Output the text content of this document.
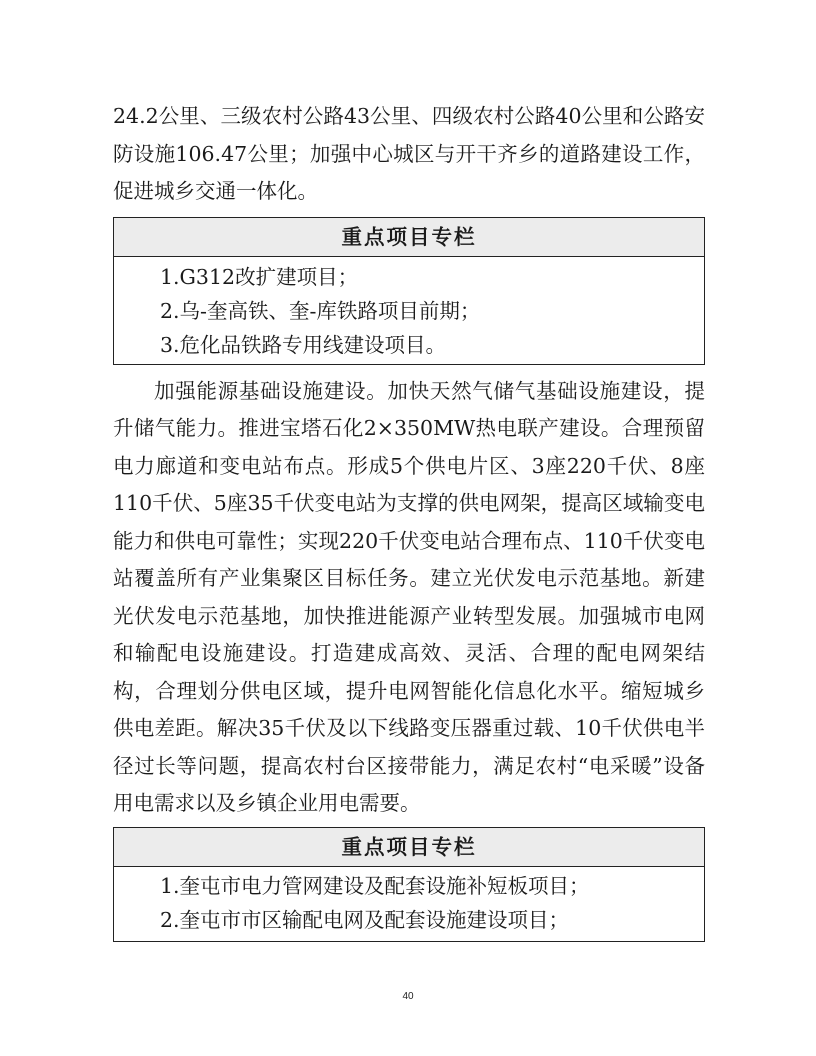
24.2公里、三级农村公路43公里、四级农村公路40公里和公路安防设施106.47公里；加强中心城区与开干齐乡的道路建设工作，促进城乡交通一体化。

重点项目专栏
1.G312改扩建项目；
2.乌-奎高铁、奎-库铁路项目前期；
3.危化品铁路专用线建设项目。

加强能源基础设施建设。加快天然气储气基础设施建设，提升储气能力。推进宝塔石化2×350MW热电联产建设。合理预留电力廊道和变电站布点。形成5个供电片区、3座220千伏、8座110千伏、5座35千伏变电站为支撑的供电网架，提高区域输变电能力和供电可靠性；实现220千伏变电站合理布点、110千伏变电站覆盖所有产业集聚区目标任务。建立光伏发电示范基地。新建光伏发电示范基地，加快推进能源产业转型发展。加强城市电网和输配电设施建设。打造建成高效、灵活、合理的配电网架结构，合理划分供电区域，提升电网智能化信息化水平。缩短城乡供电差距。解决35千伏及以下线路变压器重过载、10千伏供电半径过长等问题，提高农村台区接带能力，满足农村“电采暖”设备用电需求以及乡镇企业用电需要。

重点项目专栏
1.奎屯市电力管网建设及配套设施补短板项目；
2.奎屯市市区输配电网及配套设施建设项目；
40
